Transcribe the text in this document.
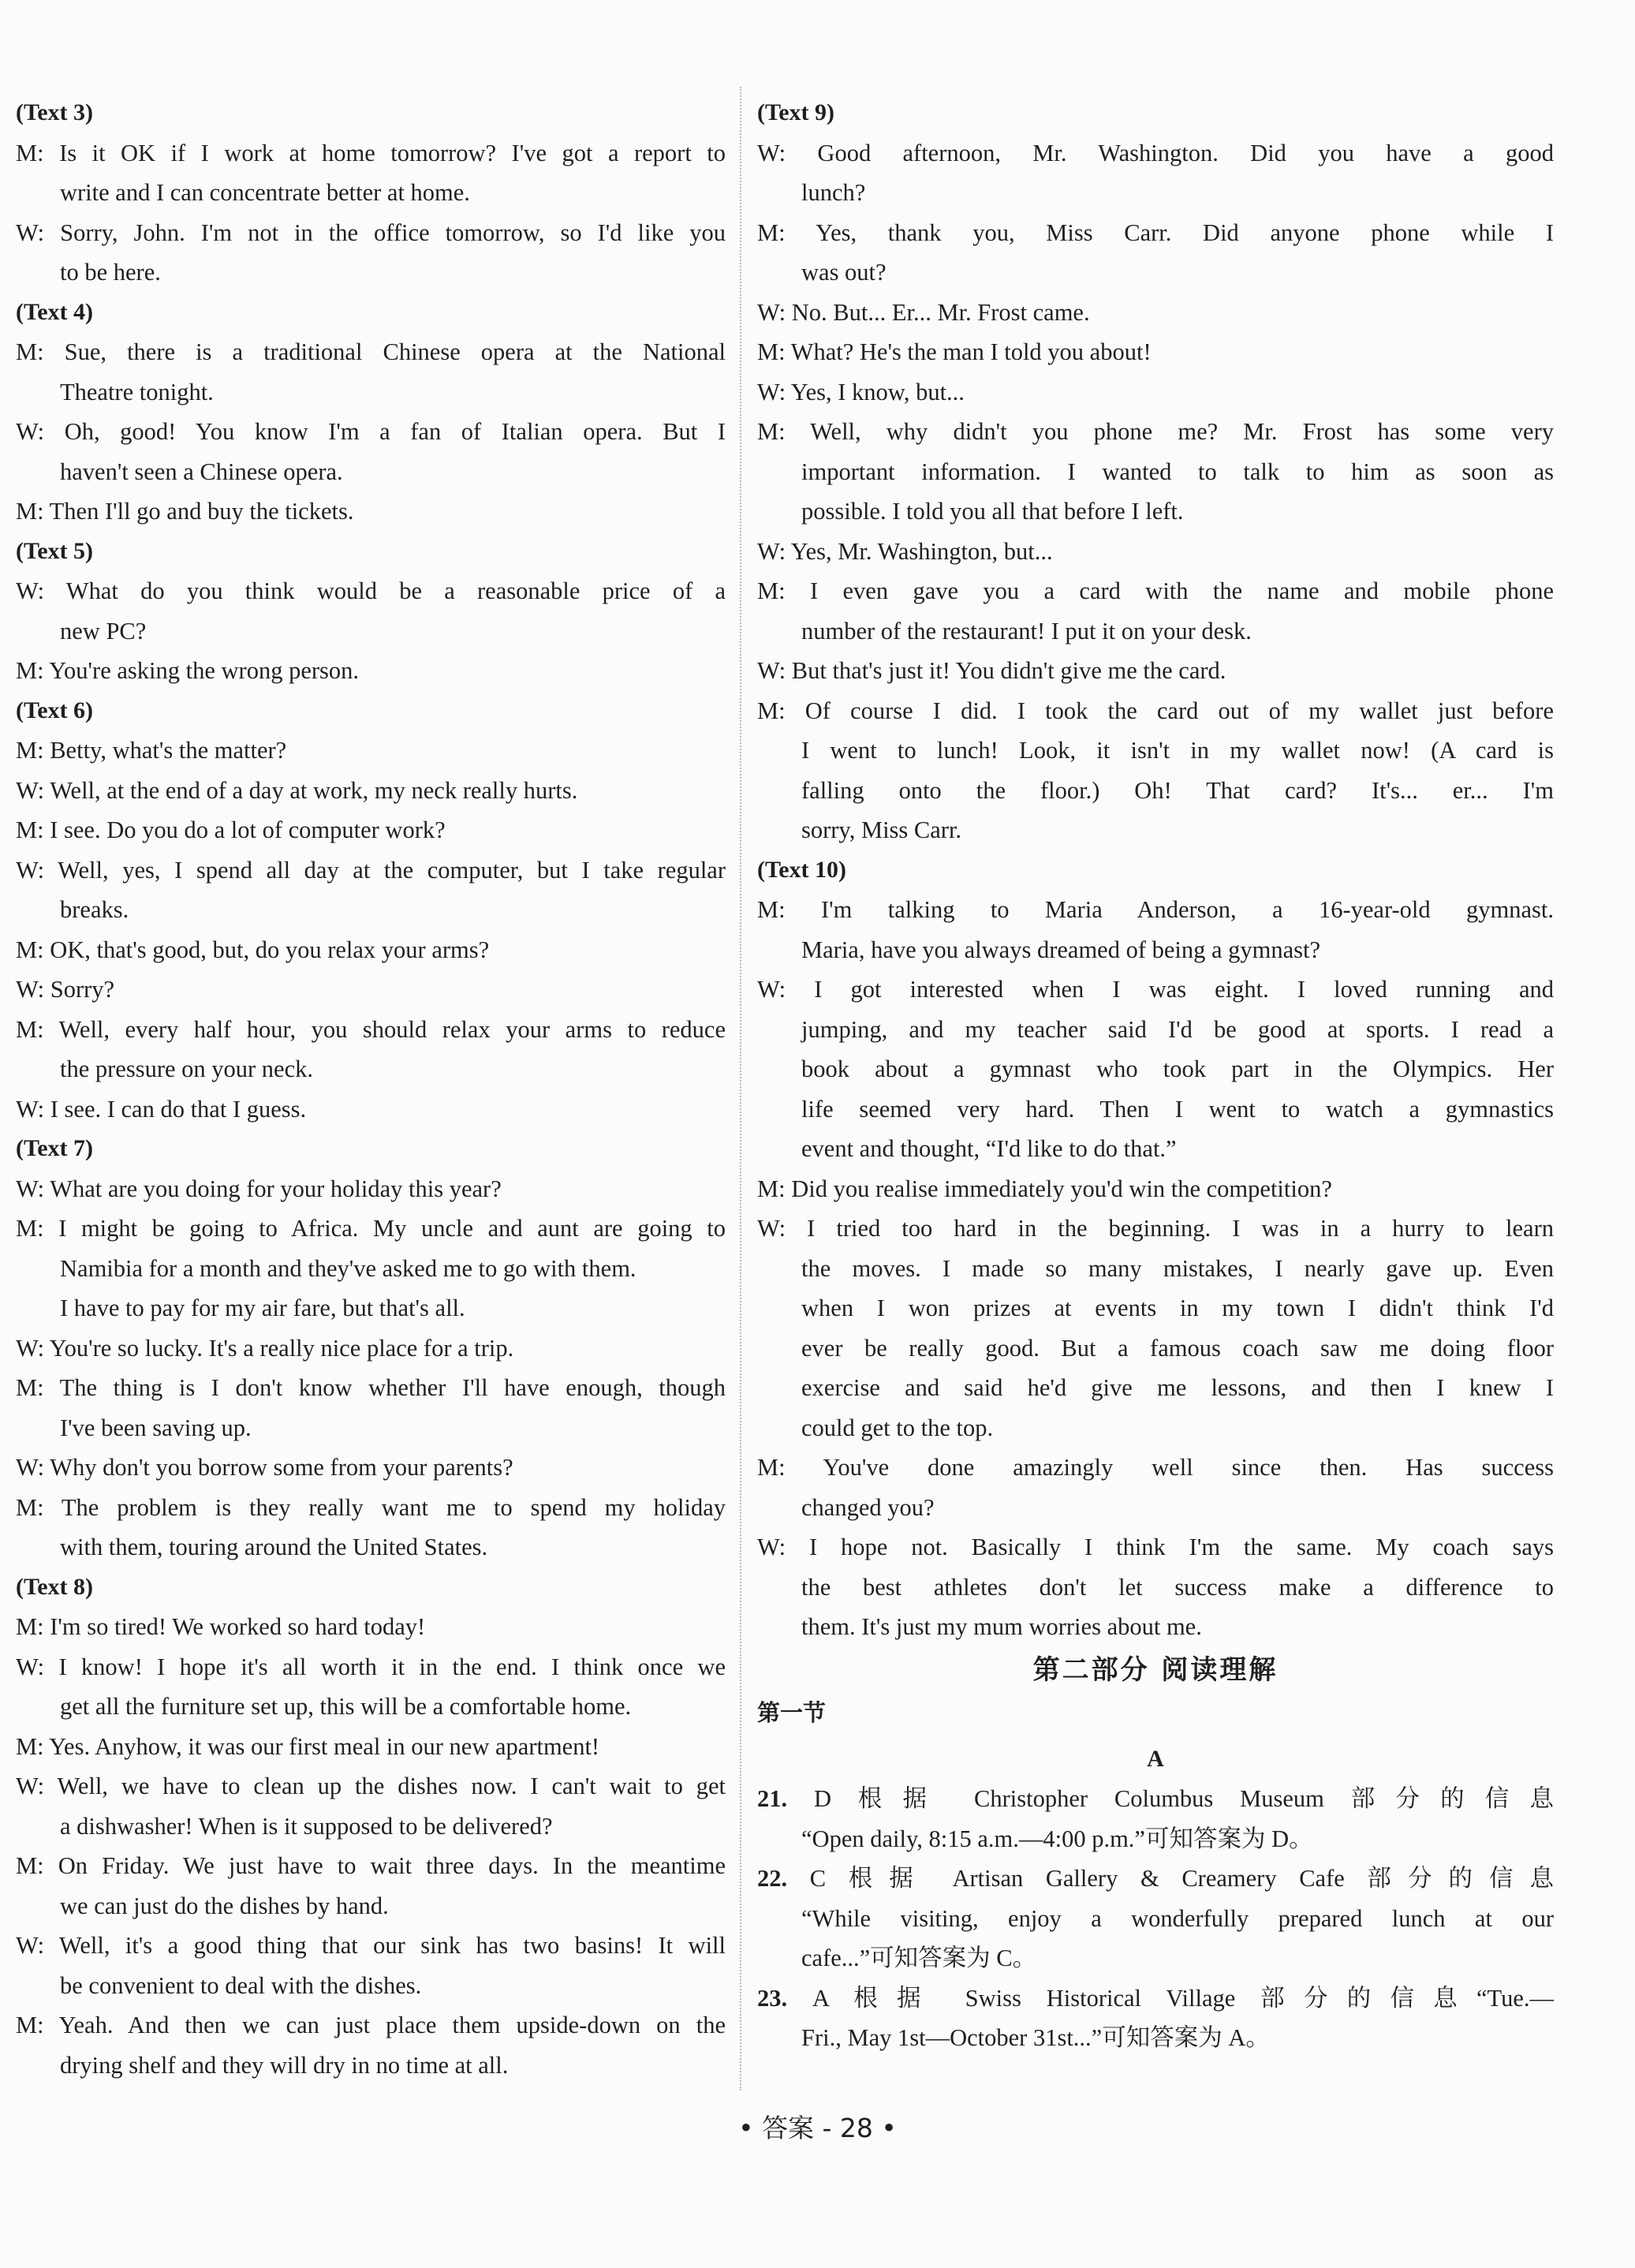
(Text 3)
M: Is it OK if I work at home tomorrow? I've got a report to
write and I can concentrate better at home.
W: Sorry, John. I'm not in the office tomorrow, so I'd like you
to be here.
(Text 4)
M: Sue, there is a traditional Chinese opera at the National
Theatre tonight.
W: Oh, good! You know I'm a fan of Italian opera. But I
haven't seen a Chinese opera.
M: Then I'll go and buy the tickets.
(Text 5)
W: What do you think would be a reasonable price of a
new PC?
M: You're asking the wrong person.
(Text 6)
M: Betty, what's the matter?
W: Well, at the end of a day at work, my neck really hurts.
M: I see. Do you do a lot of computer work?
W: Well, yes, I spend all day at the computer, but I take regular
breaks.
M: OK, that's good, but, do you relax your arms?
W: Sorry?
M: Well, every half hour, you should relax your arms to reduce
the pressure on your neck.
W: I see. I can do that I guess.
(Text 7)
W: What are you doing for your holiday this year?
M: I might be going to Africa. My uncle and aunt are going to
Namibia for a month and they've asked me to go with them.
I have to pay for my air fare, but that's all.
W: You're so lucky. It's a really nice place for a trip.
M: The thing is I don't know whether I'll have enough, though
I've been saving up.
W: Why don't you borrow some from your parents?
M: The problem is they really want me to spend my holiday
with them, touring around the United States.
(Text 8)
M: I'm so tired! We worked so hard today!
W: I know! I hope it's all worth it in the end. I think once we
get all the furniture set up, this will be a comfortable home.
M: Yes. Anyhow, it was our first meal in our new apartment!
W: Well, we have to clean up the dishes now. I can't wait to get
a dishwasher! When is it supposed to be delivered?
M: On Friday. We just have to wait three days. In the meantime
we can just do the dishes by hand.
W: Well, it's a good thing that our sink has two basins! It will
be convenient to deal with the dishes.
M: Yeah. And then we can just place them upside-down on the
drying shelf and they will dry in no time at all.
(Text 9)
W: Good afternoon, Mr. Washington. Did you have a good
lunch?
M: Yes, thank you, Miss Carr. Did anyone phone while I
was out?
W: No. But... Er... Mr. Frost came.
M: What? He's the man I told you about!
W: Yes, I know, but...
M: Well, why didn't you phone me? Mr. Frost has some very
important information. I wanted to talk to him as soon as
possible. I told you all that before I left.
W: Yes, Mr. Washington, but...
M: I even gave you a card with the name and mobile phone
number of the restaurant! I put it on your desk.
W: But that's just it! You didn't give me the card.
M: Of course I did. I took the card out of my wallet just before
I went to lunch! Look, it isn't in my wallet now! (A card is
falling onto the floor.) Oh! That card? It's... er... I'm
sorry, Miss Carr.
(Text 10)
M: I'm talking to Maria Anderson, a 16-year-old gymnast.
Maria, have you always dreamed of being a gymnast?
W: I got interested when I was eight. I loved running and
jumping, and my teacher said I'd be good at sports. I read a
book about a gymnast who took part in the Olympics. Her
life seemed very hard. Then I went to watch a gymnastics
event and thought, “I'd like to do that.”
M: Did you realise immediately you'd win the competition?
W: I tried too hard in the beginning. I was in a hurry to learn
the moves. I made so many mistakes, I nearly gave up. Even
when I won prizes at events in my town I didn't think I'd
ever be really good. But a famous coach saw me doing floor
exercise and said he'd give me lessons, and then I knew I
could get to the top.
M: You've done amazingly well since then. Has success
changed you?
W: I hope not. Basically I think I'm the same. My coach says
the best athletes don't let success make a difference to
them. It's just my mum worries about me.
第二部分 阅读理解
第一节
A
21. D 根据 Christopher Columbus Museum 部分的信息
“Open daily, 8:15 a.m.—4:00 p.m.”可知答案为 D。
22. C 根据 Artisan Gallery & Creamery Cafe 部分的信息
“While visiting, enjoy a wonderfully prepared lunch at our
cafe...”可知答案为 C。
23. A 根据 Swiss Historical Village 部分的信息“Tue.—
Fri., May 1st—October 31st...”可知答案为 A。
• 答案 - 28 •
